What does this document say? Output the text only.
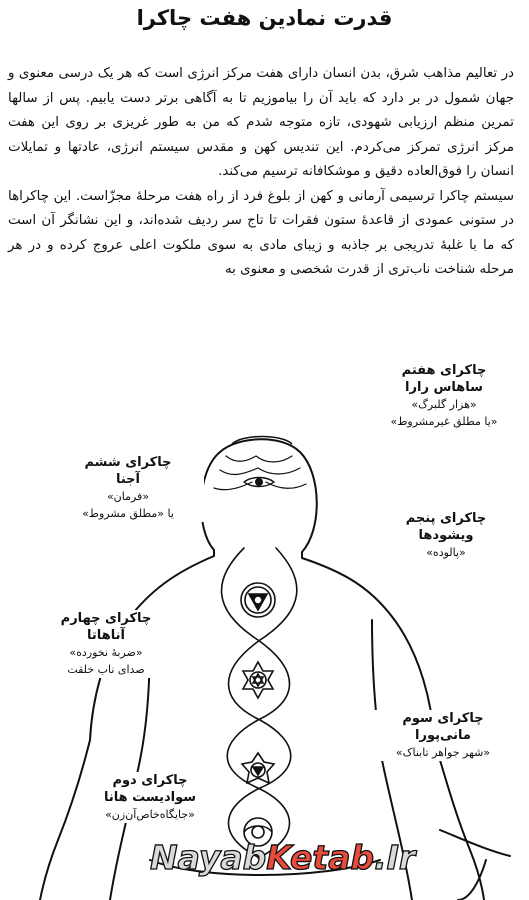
قدرت نمادین هفت چاکرا

در تعالیم مذاهب شرق، بدن انسان دارای هفت مرکز انرژی است که هر یک درسی معنوی و جهان شمول در بر دارد که باید آن را بیاموزیم تا به آگاهی برتر دست یابیم. پس از سالها تمرین منظم ارزیابی شهودی، تازه متوجه شدم که من به طور غریزی بر روی این هفت مرکز انرژی تمرکز می‌کردم. این تندیس کهن و مقدس سیستم انرژی، عادتها و تمایلات انسان را فوق‌العاده دقیق و موشکافانه ترسیم می‌کند.

سیستم چاکرا ترسیمی آرمانی و کهن از بلوغ فرد از راه هفت مرحلهٔ مجزّاست. این چاکراها در ستونی عمودی از قاعدهٔ ستون فقرات تا تاج سر ردیف شده‌اند، و این نشانگر آن است که ما با غلبهٔ تدریجی بر جاذبه و زیبای مادی به سوی ملکوت اعلی عروج کرده و در هر مرحله شناخت ناب‌تری از قدرت شخصی و معنوی به

چاکرای هفتم
ساهاس رارا
«هزار گلبرگ»
«یا مطلق غیرمشروط»
چاکرای ششم
آجنا
«فرمان»
یا «مطلق مشروط»	چاکرای پنجم
ویشودها
«پالوده»
چاکرای چهارم
آناهاتا
«ضربهٔ نخورده»
صدای ناب خلقت
چاکرای سوم
مانی‌پورا
«شهر جواهر تابناک»
چاکرای دوم
سوادیست هانا
«جایگاه‌خاص‌آن‌زن»
NayabKetab.Ir
